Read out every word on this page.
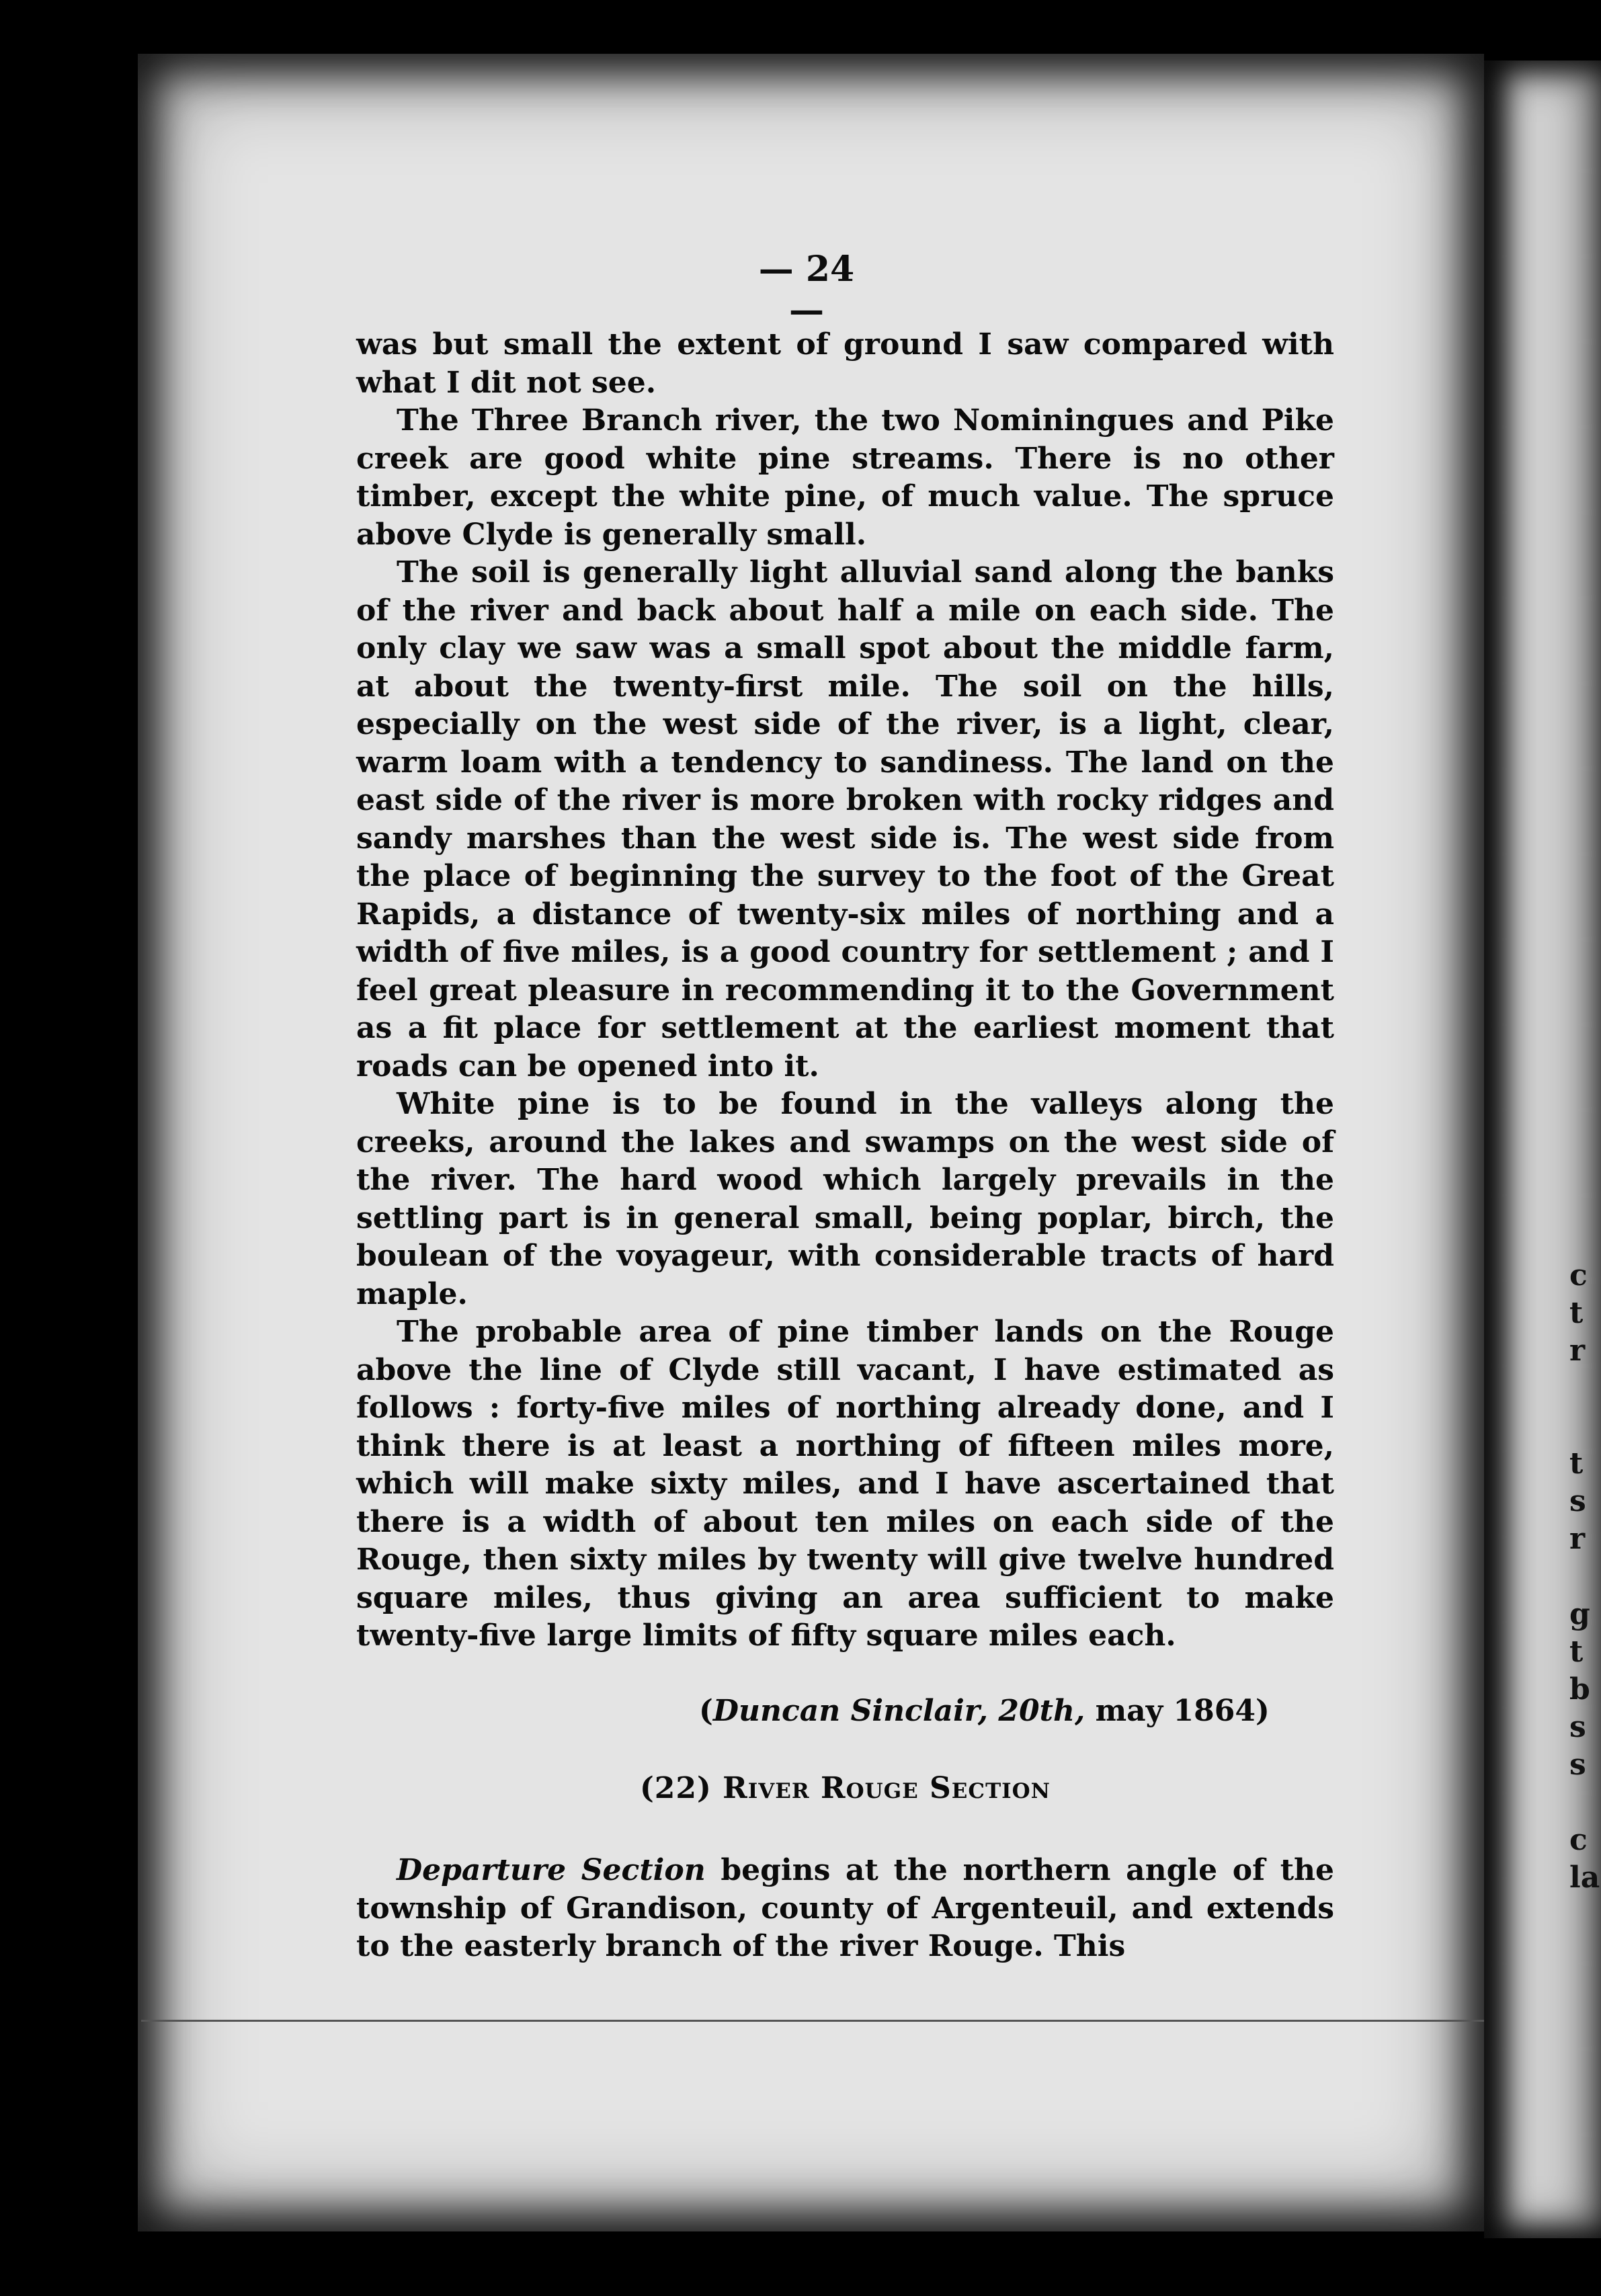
c
t
r

t
s
r

g
t
b
s
s

c
la
— 24 —

was but small the extent of ground I saw compared with what I dit not see.

The Three Branch river, the two Nominingues and Pike creek are good white pine streams. There is no other timber, except the white pine, of much value. The spruce above Clyde is generally small.

The soil is generally light alluvial sand along the banks of the river and back about half a mile on each side. The only clay we saw was a small spot about the middle farm, at about the twenty-first mile. The soil on the hills, especially on the west side of the river, is a light, clear, warm loam with a tendency to sandiness. The land on the east side of the river is more broken with rocky ridges and sandy marshes than the west side is. The west side from the place of beginning the survey to the foot of the Great Rapids, a distance of twenty-six miles of northing and a width of five miles, is a good country for settlement ; and I feel great pleasure in recommending it to the Government as a fit place for settlement at the earliest moment that roads can be opened into it.

White pine is to be found in the valleys along the creeks, around the lakes and swamps on the west side of the river. The hard wood which largely prevails in the settling part is in general small, being poplar, birch, the boulean of the voyageur, with considerable tracts of hard maple.

The probable area of pine timber lands on the Rouge above the line of Clyde still vacant, I have estimated as follows : forty-five miles of northing already done, and I think there is at least a northing of fifteen miles more, which will make sixty miles, and I have ascertained that there is a width of about ten miles on each side of the Rouge, then sixty miles by twenty will give twelve hundred square miles, thus giving an area sufficient to make twenty-five large limits of fifty square miles each.

(Duncan Sinclair, 20th, may 1864)
(22) River Rouge Section
Departure Section begins at the northern angle of the township of Grandison, county of Argenteuil, and extends to the easterly branch of the river Rouge. This
